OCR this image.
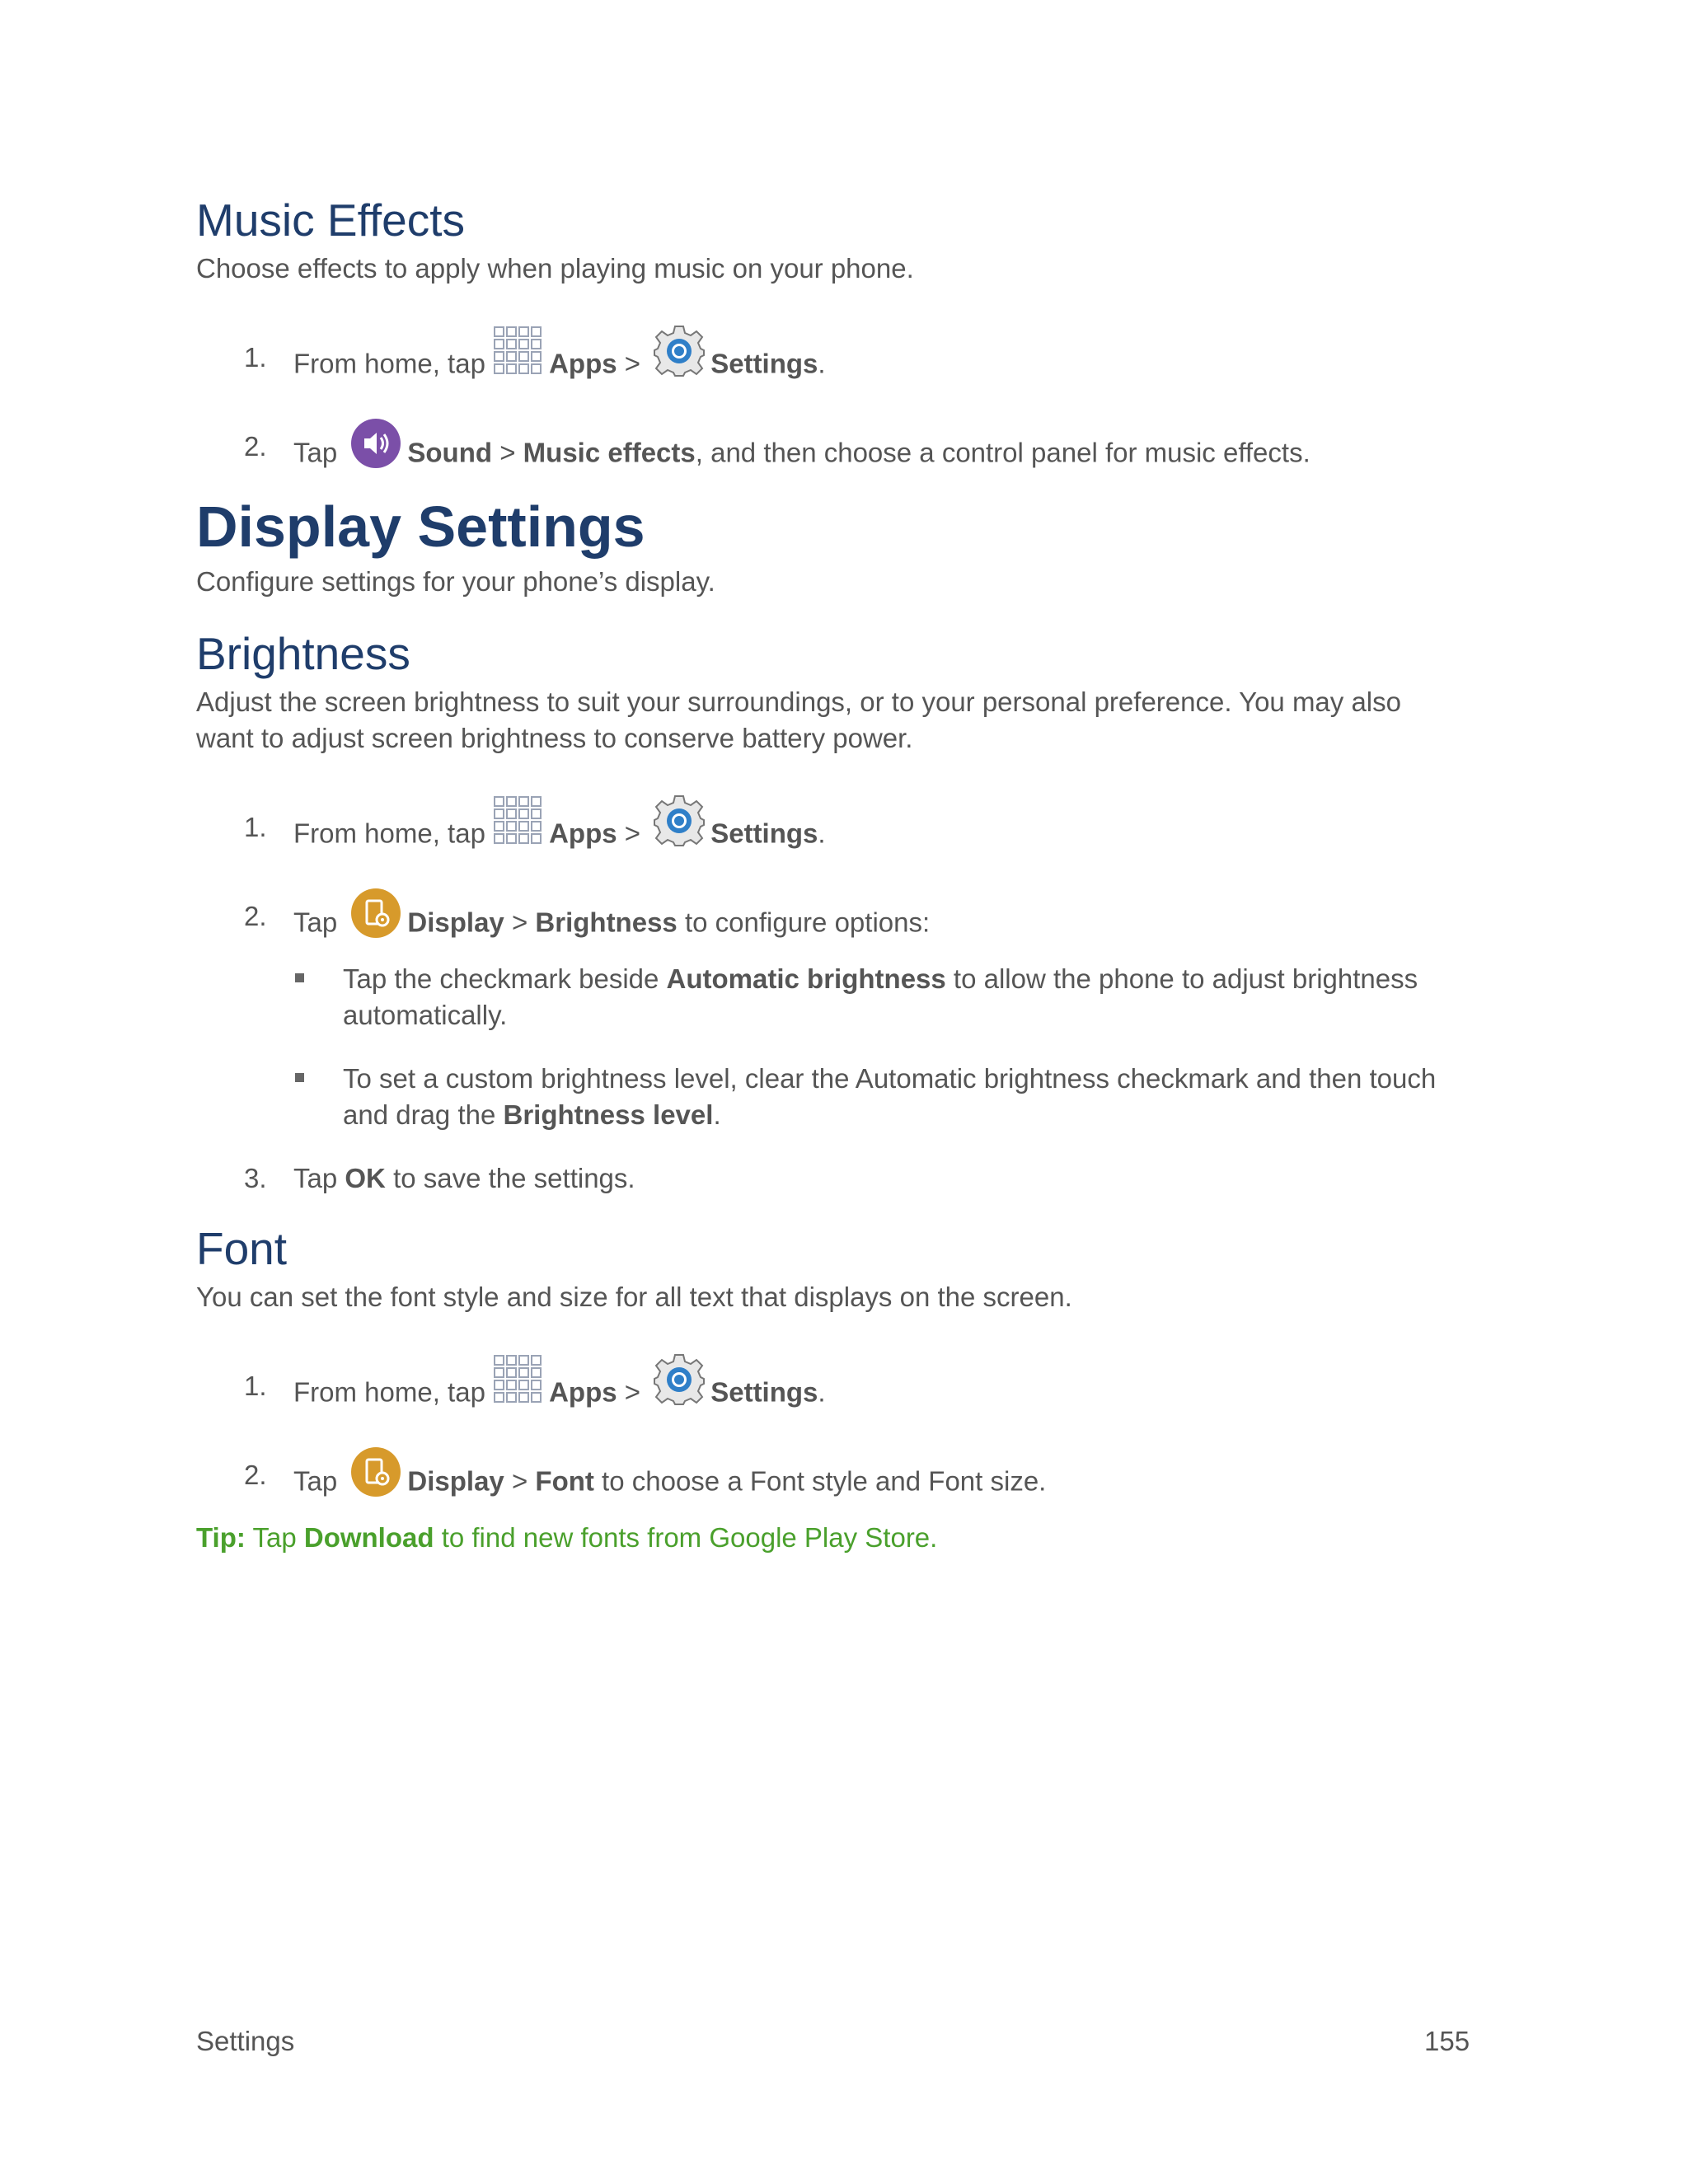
Music Effects
Choose effects to apply when playing music on your phone.
1. From home, tap Apps >	Settings.
2. Tap	Sound > Music effects, and then choose a control panel for music effects.
Display Settings
Configure settings for your phone’s display.
Brightness
Adjust the screen brightness to suit your surroundings, or to your personal preference. You may also
want to adjust screen brightness to conserve battery power.
1. From home, tap Apps >	Settings.
2. Tap	Display > Brightness to configure options:
Tap the checkmark beside Automatic brightness to allow the phone to adjust brightness
automatically.
To set a custom brightness level, clear the Automatic brightness checkmark and then touch
and drag the Brightness level.
3. Tap OK to save the settings.
Font
You can set the font style and size for all text that displays on the screen.
1. From home, tap Apps >	Settings.
2. Tap	Display > Font to choose a Font style and Font size.
Tip: Tap Download to find new fonts from Google Play Store.
Settings	155
